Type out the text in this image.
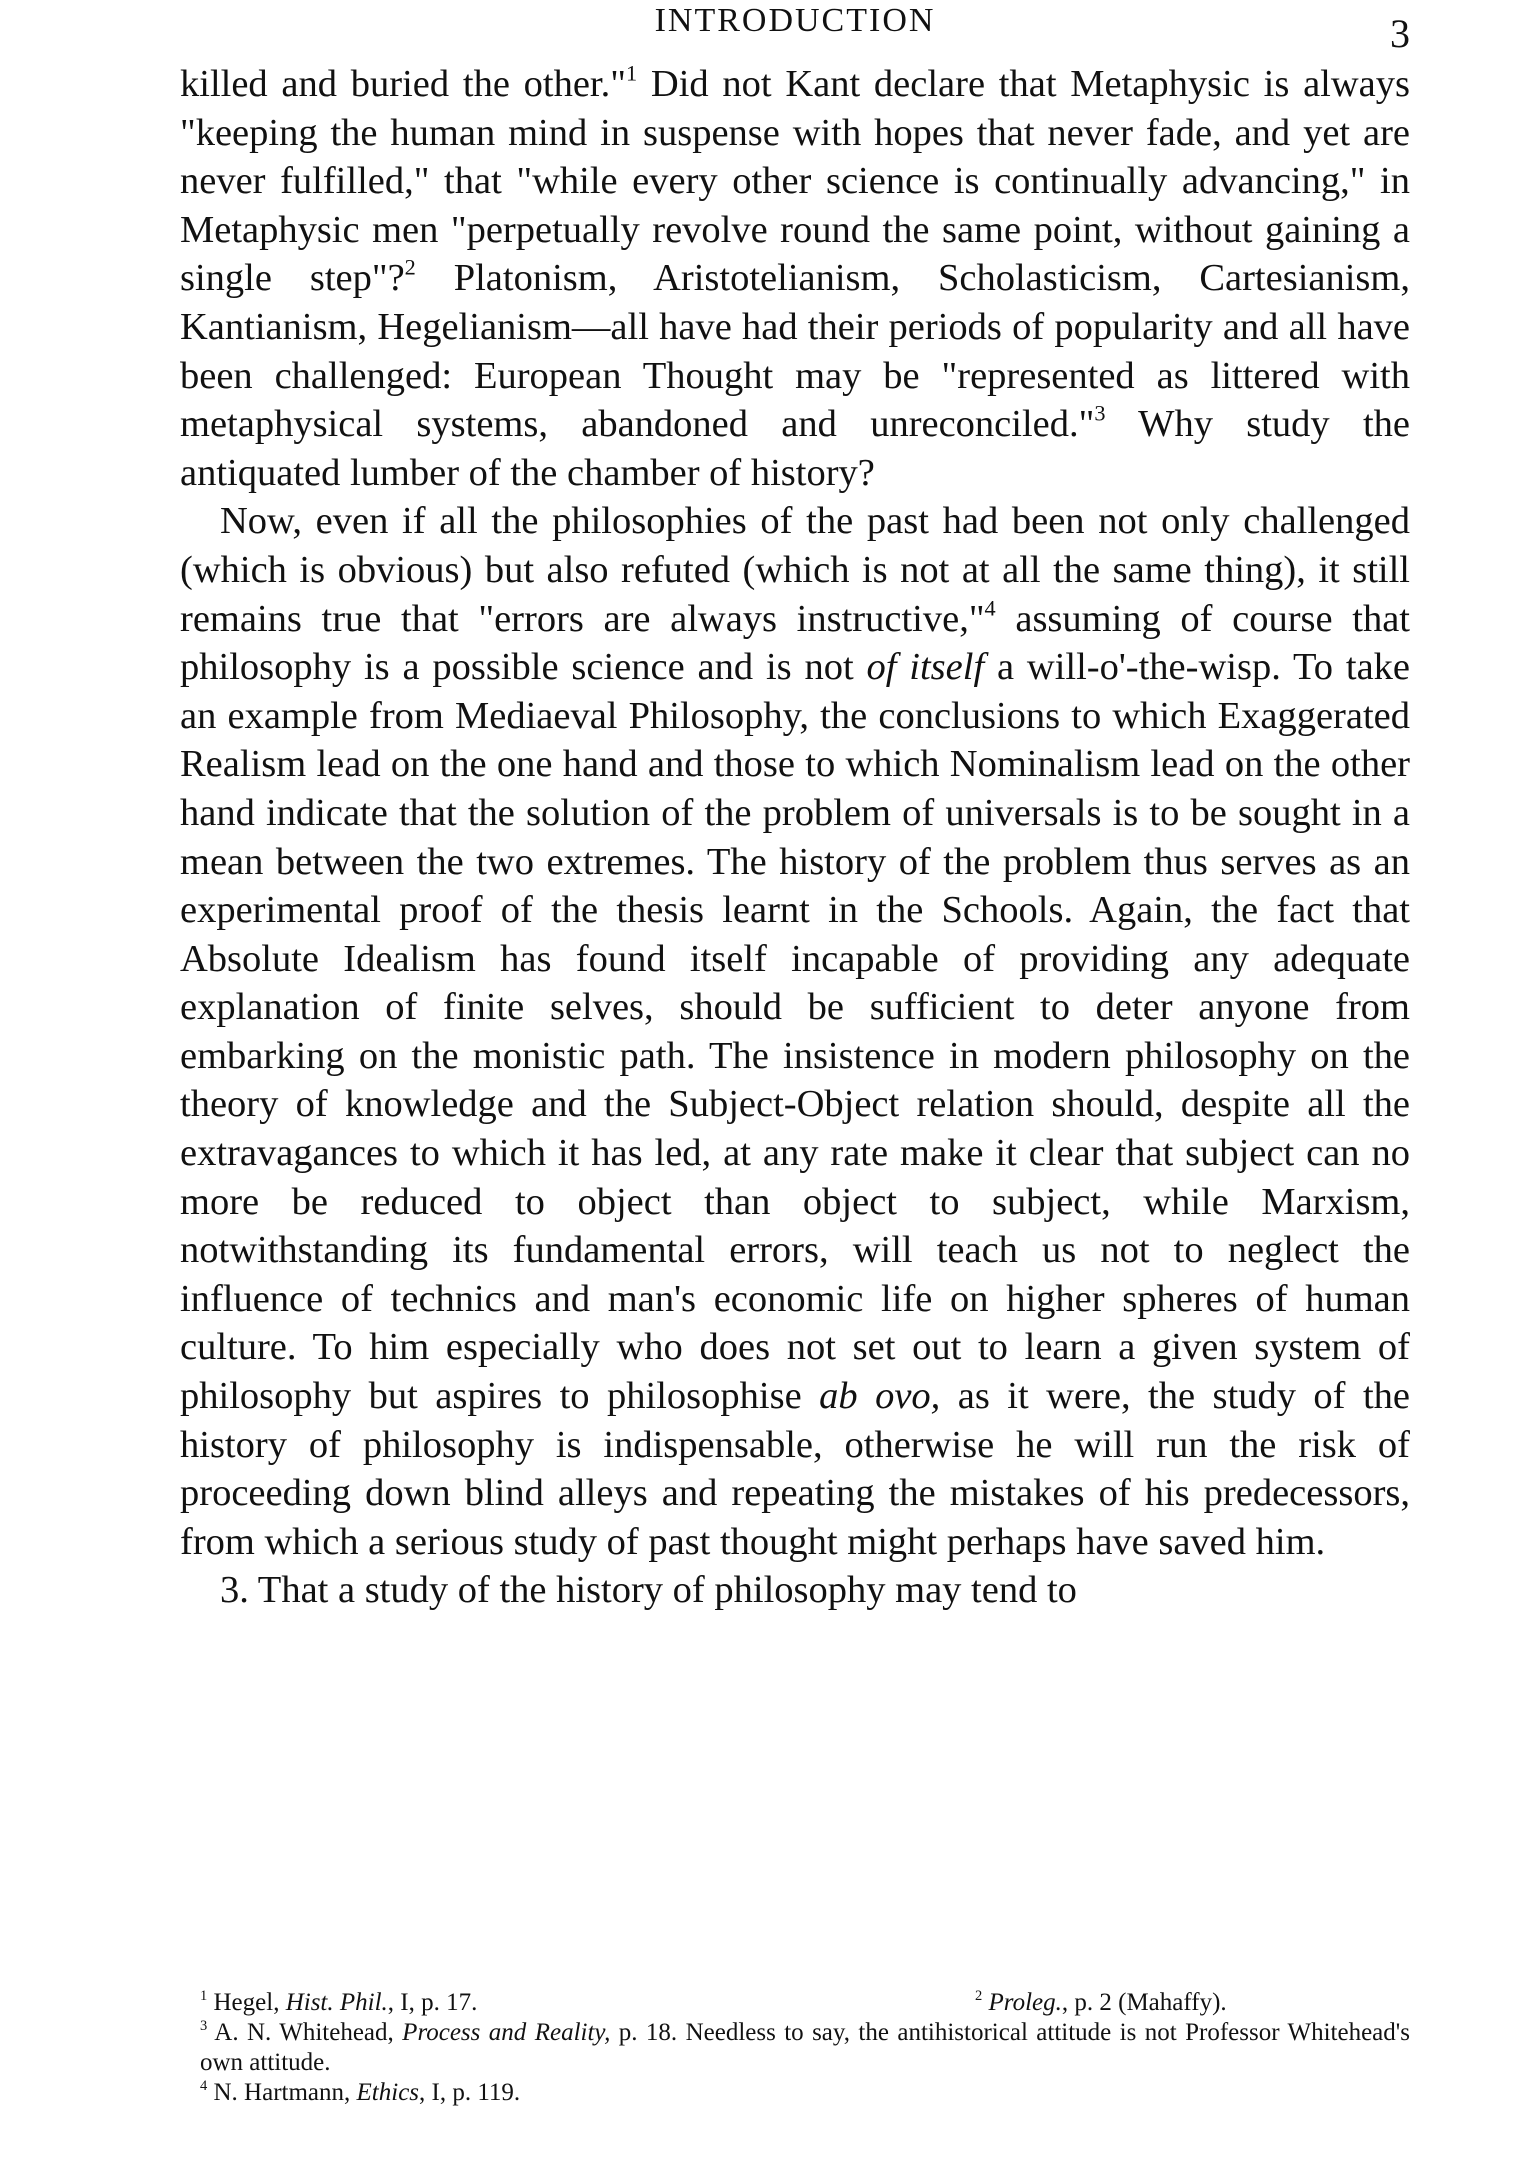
INTRODUCTION	3

killed and buried the other."$^1$ Did not Kant declare that Metaphysic is always "keeping the human mind in suspense with hopes that never fade, and yet are never fulfilled," that "while every other science is continually advancing," in Metaphysic men "perpetually revolve round the same point, without gaining a single step"?$^2$ Platonism, Aristotelianism, Scholasticism, Cartesianism, Kantianism, Hegelianism—all have had their periods of popularity and all have been challenged: European Thought may be "represented as littered with metaphysical systems, abandoned and unreconciled."$^3$ Why study the antiquated lumber of the chamber of history?

Now, even if all the philosophies of the past had been not only challenged (which is obvious) but also refuted (which is not at all the same thing), it still remains true that "errors are always instructive,"$^4$ assuming of course that philosophy is a possible science and is not of itself a will-o'-the-wisp. To take an example from Mediaeval Philosophy, the conclusions to which Exaggerated Realism lead on the one hand and those to which Nominalism lead on the other hand indicate that the solution of the problem of universals is to be sought in a mean between the two extremes. The history of the problem thus serves as an experimental proof of the thesis learnt in the Schools. Again, the fact that Absolute Idealism has found itself incapable of providing any adequate explanation of finite selves, should be sufficient to deter anyone from embarking on the monistic path. The insistence in modern philosophy on the theory of knowledge and the Subject-Object relation should, despite all the extravagances to which it has led, at any rate make it clear that subject can no more be reduced to object than object to subject, while Marxism, notwithstanding its fundamental errors, will teach us not to neglect the influence of technics and man's economic life on higher spheres of human culture. To him especially who does not set out to learn a given system of philosophy but aspires to philosophise ab ovo, as it were, the study of the history of philosophy is indispensable, otherwise he will run the risk of proceeding down blind alleys and repeating the mistakes of his predecessors, from which a serious study of past thought might perhaps have saved him.

3. That a study of the history of philosophy may tend to

$^1$ Hegel, Hist. Phil., I, p. 17.	$^2$ Proleg., p. 2 (Mahaffy).
$^3$ A. N. Whitehead, Process and Reality, p. 18. Needless to say, the antihistorical attitude is not Professor Whitehead's own attitude.
$^4$ N. Hartmann, Ethics, I, p. 119.
